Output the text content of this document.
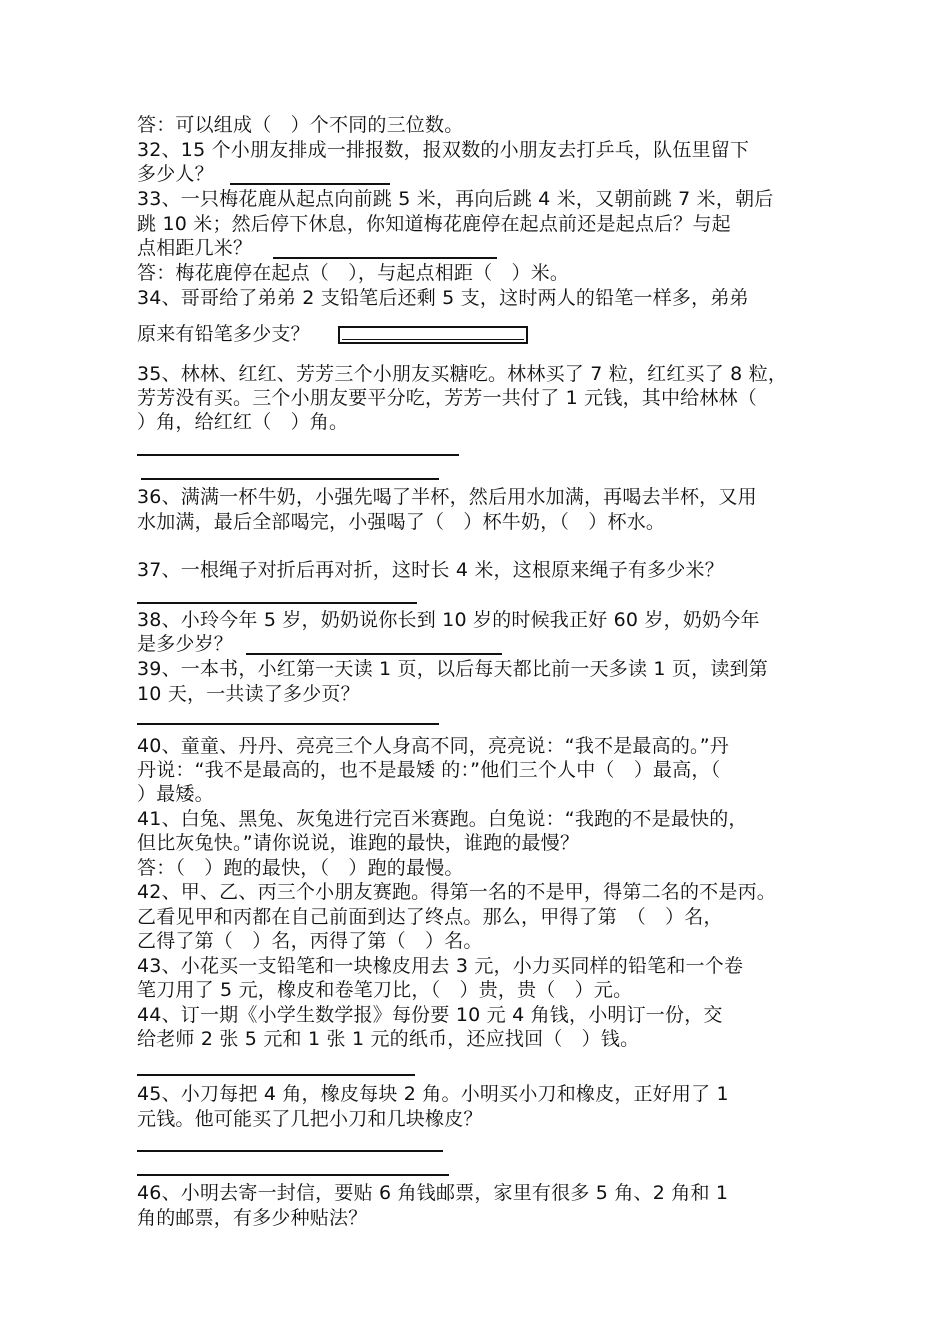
答：可以组成（　）个不同的三位数。
32、15 个小朋友排成一排报数，报双数的小朋友去打乒乓，队伍里留下
多少人？
33、一只梅花鹿从起点向前跳 5 米，再向后跳 4 米，又朝前跳 7 米，朝后
跳 10 米；然后停下休息，你知道梅花鹿停在起点前还是起点后？与起
点相距几米？
答：梅花鹿停在起点（　），与起点相距（　）米。
34、哥哥给了弟弟 2 支铅笔后还剩 5 支，这时两人的铅笔一样多，弟弟
原来有铅笔多少支？
35、林林、红红、芳芳三个小朋友买糖吃。林林买了 7 粒，红红买了 8 粒，
芳芳没有买。三个小朋友要平分吃，芳芳一共付了 1 元钱，其中给林林（
）角，给红红（　）角。
36、满满一杯牛奶，小强先喝了半杯，然后用水加满，再喝去半杯，又用
水加满，最后全部喝完，小强喝了（　）杯牛奶，（　）杯水。
37、一根绳子对折后再对折，这时长 4 米，这根原来绳子有多少米？
38、小玲今年 5 岁，奶奶说你长到 10 岁的时候我正好 60 岁，奶奶今年
是多少岁？
39、一本书，小红第一天读 1 页，以后每天都比前一天多读 1 页，读到第
10 天，一共读了多少页？
40、童童、丹丹、亮亮三个人身高不同，亮亮说：“我不是最高的。”丹
丹说：“我不是最高的，也不是最矮 的：”他们三个人中（　）最高，（
）最矮。
41、白兔、黑兔、灰兔进行完百米赛跑。白兔说：“我跑的不是最快的，
但比灰兔快。”请你说说，谁跑的最快，谁跑的最慢？
答：（　）跑的最快，（　）跑的最慢。
42、甲、乙、丙三个小朋友赛跑。得第一名的不是甲，得第二名的不是丙。
乙看见甲和丙都在自己前面到达了终点。那么，甲得了第　（　）名，
乙得了第（　）名，丙得了第（　）名。
43、小花买一支铅笔和一块橡皮用去 3 元，小力买同样的铅笔和一个卷
笔刀用了 5 元，橡皮和卷笔刀比，（　）贵，贵（　）元。
44、订一期《小学生数学报》每份要 10 元 4 角钱，小明订一份，交
给老师 2 张 5 元和 1 张 1 元的纸币，还应找回（　）钱。
45、小刀每把 4 角，橡皮每块 2 角。小明买小刀和橡皮，正好用了 1
元钱。他可能买了几把小刀和几块橡皮？
46、小明去寄一封信，要贴 6 角钱邮票，家里有很多 5 角、2 角和 1
角的邮票，有多少种贴法？
